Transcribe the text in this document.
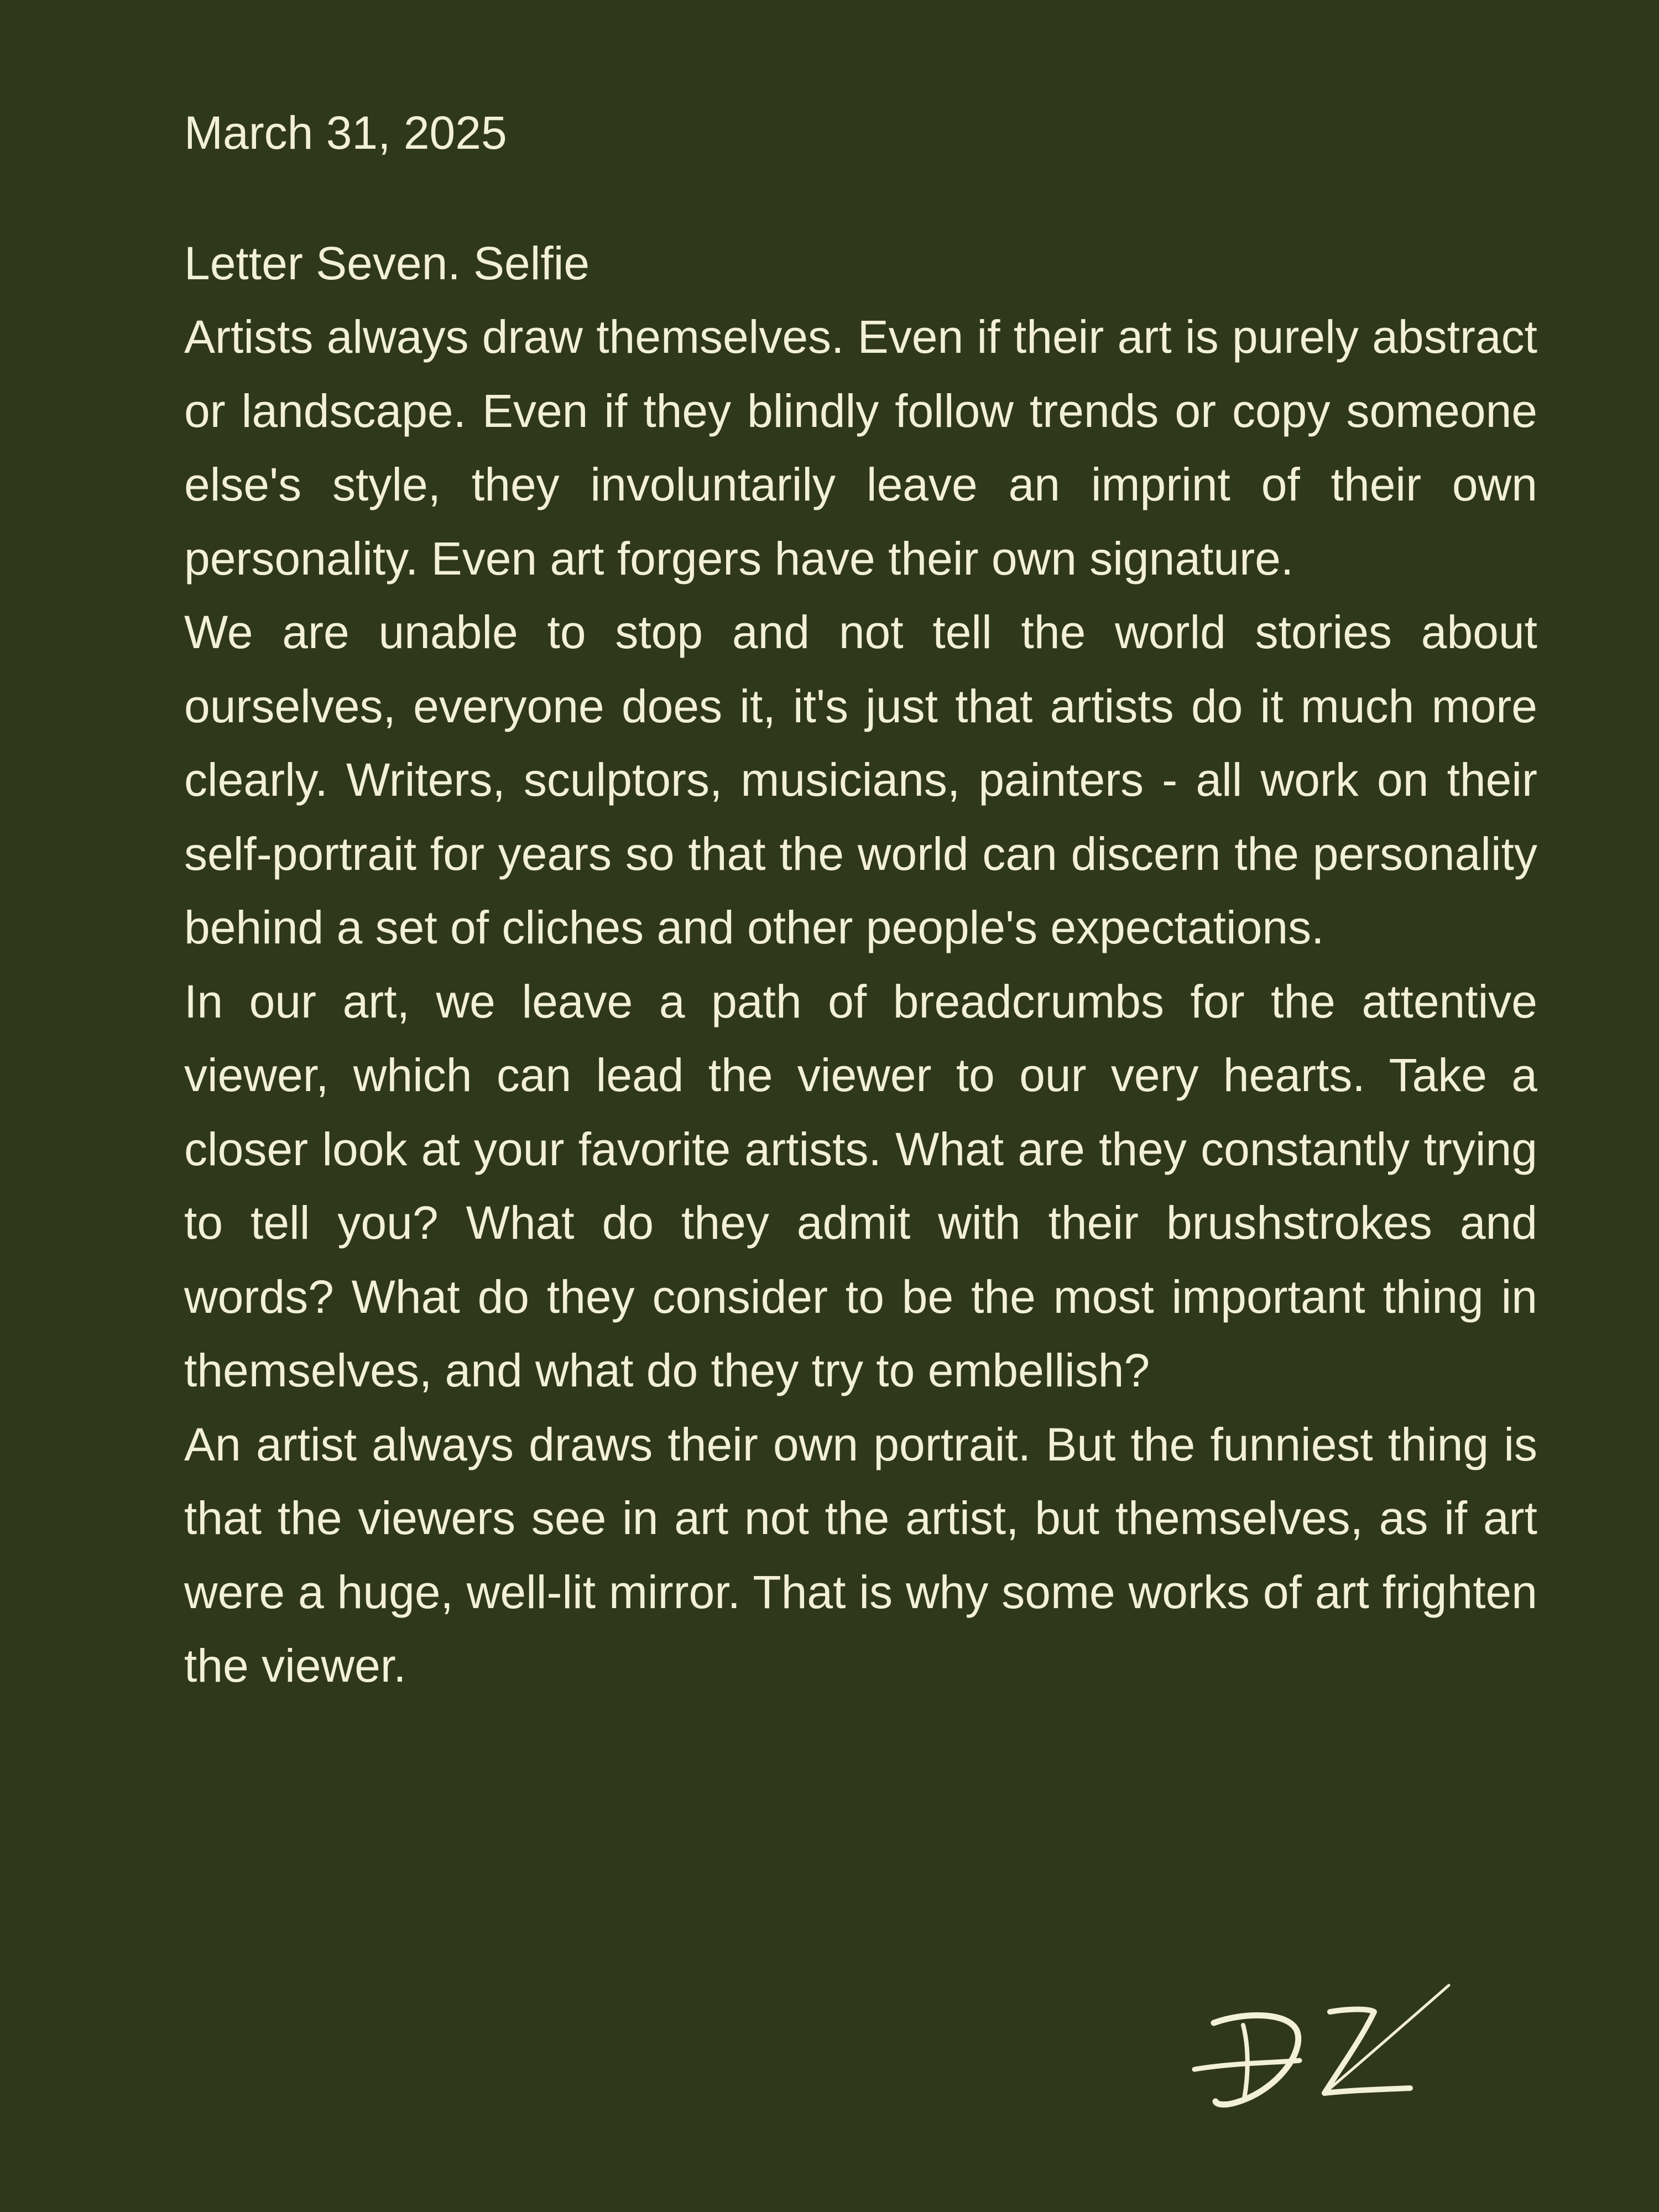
March 31, 2025

Letter Seven. Selfie

Artists always draw themselves. Even if their art is purely abstract or landscape. Even if they blindly follow trends or copy someone else's style, they involuntarily leave an imprint of their own personality. Even art forgers have their own signature.

We are unable to stop and not tell the world stories about ourselves, everyone does it, it's just that artists do it much more clearly. Writers, sculptors, musicians, painters - all work on their self-portrait for years so that the world can discern the personality behind a set of cliches and other people's expectations.

In our art, we leave a path of breadcrumbs for the attentive viewer, which can lead the viewer to our very hearts. Take a closer look at your favorite artists. What are they constantly trying to tell you? What do they admit with their brushstrokes and words? What do they consider to be the most important thing in themselves, and what do they try to embellish?

An artist always draws their own portrait. But the funniest thing is that the viewers see in art not the artist, but themselves, as if art were a huge, well-lit mirror. That is why some works of art frighten the viewer.
